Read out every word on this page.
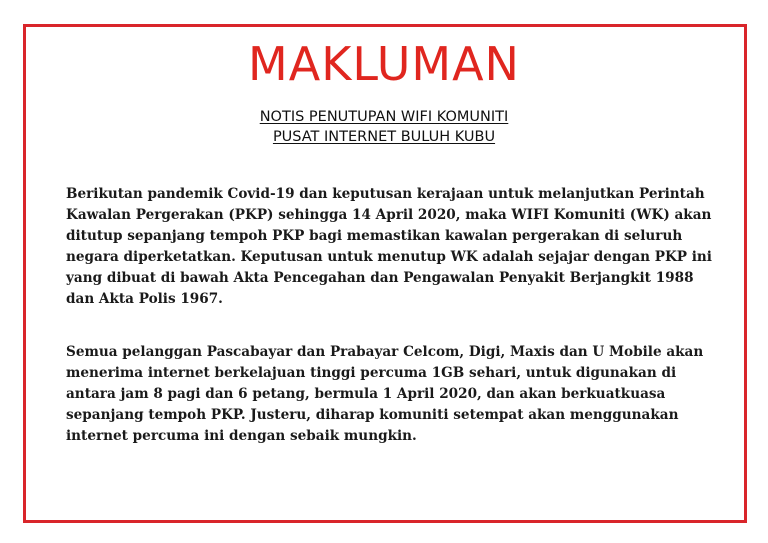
MAKLUMAN
NOTIS PENUTUPAN WIFI KOMUNITI
PUSAT INTERNET BULUH KUBU

Berikutan pandemik Covid-19 dan keputusan kerajaan untuk melanjutkan Perintah Kawalan Pergerakan (PKP) sehingga 14 April 2020, maka WIFI Komuniti (WK) akan ditutup sepanjang tempoh PKP bagi memastikan kawalan pergerakan di seluruh negara diperketatkan. Keputusan untuk menutup WK adalah sejajar dengan PKP ini yang dibuat di bawah Akta Pencegahan dan Pengawalan Penyakit Berjangkit 1988 dan Akta Polis 1967.

Semua pelanggan Pascabayar dan Prabayar Celcom, Digi, Maxis dan U Mobile akan menerima internet berkelajuan tinggi percuma 1GB sehari, untuk digunakan di antara jam 8 pagi dan 6 petang, bermula 1 April 2020, dan akan berkuatkuasa sepanjang tempoh PKP. Justeru, diharap komuniti setempat akan menggunakan internet percuma ini dengan sebaik mungkin.
